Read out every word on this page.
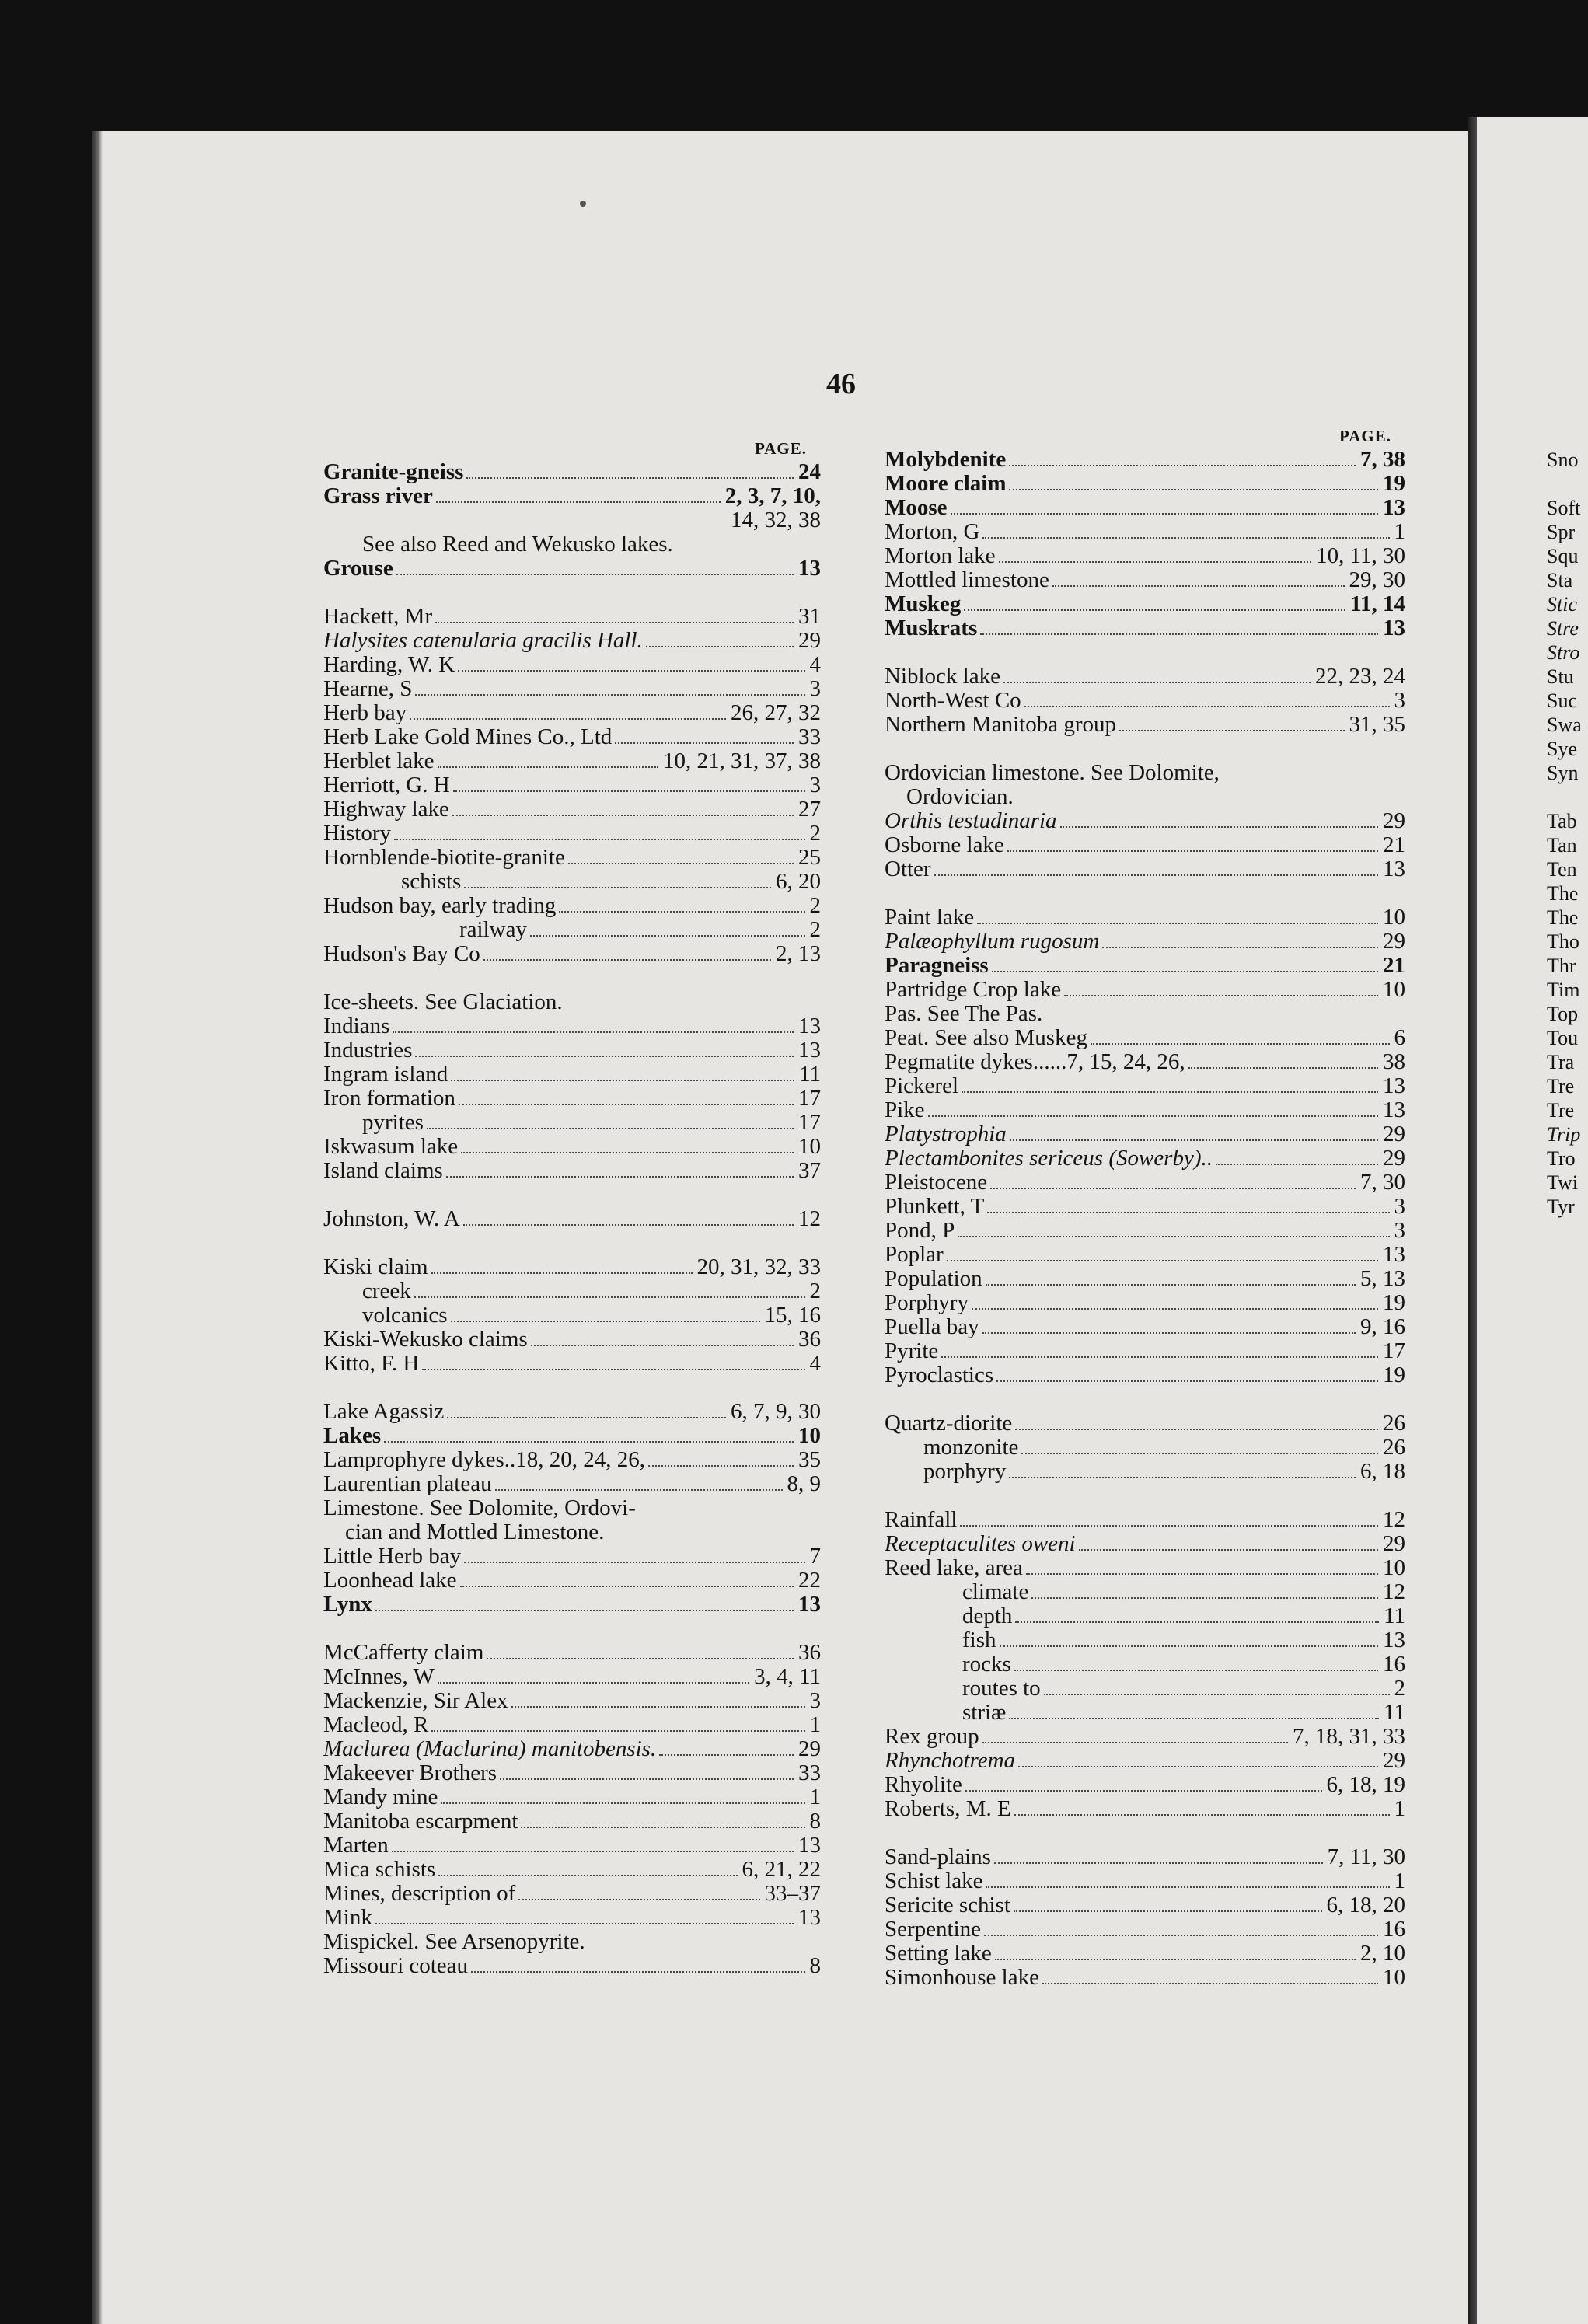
46
PAGE.
Granite-gneiss	24
Grass river	2, 3, 7, 10,
14, 32, 38
See also Reed and Wekusko lakes.
Grouse	13
Hackett, Mr	31
Halysites catenularia gracilis Hall.	29
Harding, W. K	4
Hearne, S	3
Herb bay	26, 27, 32
Herb Lake Gold Mines Co., Ltd	33
Herblet lake	10, 21, 31, 37, 38
Herriott, G. H	3
Highway lake	27
History	2
Hornblende-biotite-granite	25
schists	6, 20
Hudson bay, early trading	2
railway	2
Hudson's Bay Co	2, 13
Ice-sheets. See Glaciation.
Indians	13
Industries	13
Ingram island	11
Iron formation	17
pyrites	17
Iskwasum lake	10
Island claims	37
Johnston, W. A	12
Kiski claim	20, 31, 32, 33
creek	2
volcanics	15, 16
Kiski-Wekusko claims	36
Kitto, F. H	4
Lake Agassiz	6, 7, 9, 30
Lakes	10
Lamprophyre dykes..18, 20, 24, 26,	35
Laurentian plateau	8, 9
Limestone. See Dolomite, Ordovi-
cian and Mottled Limestone.
Little Herb bay	7
Loonhead lake	22
Lynx	13
McCafferty claim	36
McInnes, W	3, 4, 11
Mackenzie, Sir Alex	3
Macleod, R	1
Maclurea (Maclurina) manitobensis.	29
Makeever Brothers	33
Mandy mine	1
Manitoba escarpment	8
Marten	13
Mica schists	6, 21, 22
Mines, description of	33–37
Mink	13
Mispickel. See Arsenopyrite.
Missouri coteau	8
PAGE.
Molybdenite	7, 38
Moore claim	19
Moose	13
Morton, G	1
Morton lake	10, 11, 30
Mottled limestone	29, 30
Muskeg	11, 14
Muskrats	13
Niblock lake	22, 23, 24
North-West Co	3
Northern Manitoba group	31, 35
Ordovician limestone. See Dolomite,
Ordovician.
Orthis testudinaria	29
Osborne lake	21
Otter	13
Paint lake	10
Palæophyllum rugosum	29
Paragneiss	21
Partridge Crop lake	10
Pas. See The Pas.
Peat. See also Muskeg	6
Pegmatite dykes......7, 15, 24, 26,	38
Pickerel	13
Pike	13
Platystrophia	29
Plectambonites sericeus (Sowerby)..	29
Pleistocene	7, 30
Plunkett, T	3
Pond, P	3
Poplar	13
Population	5, 13
Porphyry	19
Puella bay	9, 16
Pyrite	17
Pyroclastics	19
Quartz-diorite	26
monzonite	26
porphyry	6, 18
Rainfall	12
Receptaculites oweni	29
Reed lake, area	10
climate	12
depth	11
fish	13
rocks	16
routes to	2
striæ	11
Rex group	7, 18, 31, 33
Rhynchotrema	29
Rhyolite	6, 18, 19
Roberts, M. E	1
Sand-plains	7, 11, 30
Schist lake	1
Sericite schist	6, 18, 20
Serpentine	16
Setting lake	2, 10
Simonhouse lake	10
Sno
Soft
Spr
Squ
Sta
Stic
Stre
Stro
Stu
Suc
Swa
Sye
Syn
Tab
Tan
Ten
The
The
Tho
Thr
Tim
Top
Tou
Tra
Tre
Tre
Trip
Tro
Twi
Tyr
